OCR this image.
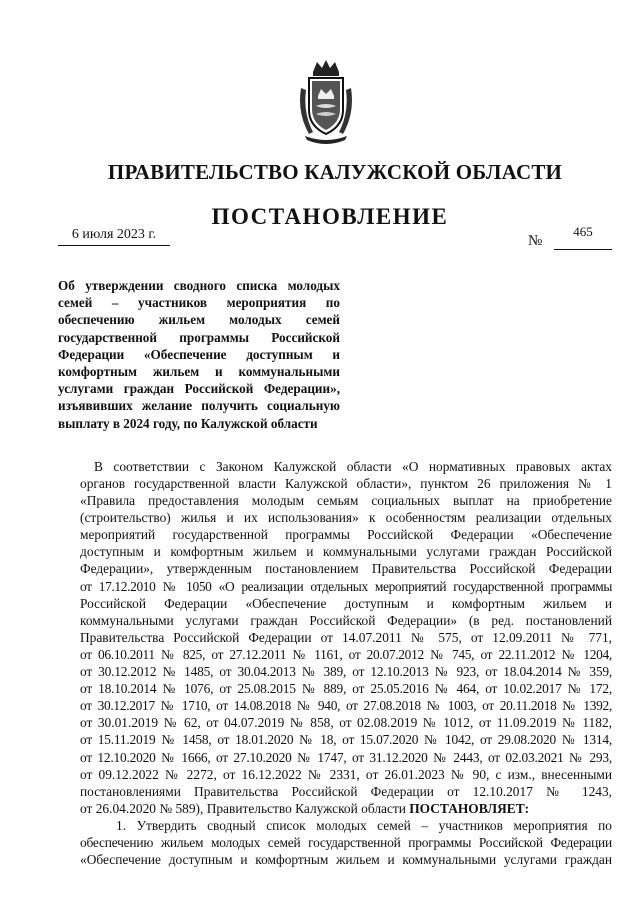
ПРАВИТЕЛЬСТВО КАЛУЖСКОЙ ОБЛАСТИ
ПОСТАНОВЛЕНИЕ
6 июля 2023 г.	№
465
Об утверждении сводного списка молодых
семей – участников мероприятия по
обеспечению жильем молодых семей
государственной программы Российской
Федерации «Обеспечение доступным и
комфортным жильем и коммунальными
услугами граждан Российской Федерации»,
изъявивших желание получить социальную
выплату в 2024 году, по Калужской области
В соответствии с Законом Калужской области «О нормативных правовых актах
органов государственной власти Калужской области», пунктом 26 приложения № 1
«Правила предоставления молодым семьям социальных выплат на приобретение
(строительство) жилья и их использования» к особенностям реализации отдельных
мероприятий государственной программы Российской Федерации «Обеспечение
доступным и комфортным жильем и коммунальными услугами граждан Российской
Федерации», утвержденным постановлением Правительства Российской Федерации
от 17.12.2010 № 1050 «О реализации отдельных мероприятий государственной программы
Российской Федерации «Обеспечение доступным и комфортным жильем и
коммунальными услугами граждан Российской Федерации» (в ред. постановлений
Правительства Российской Федерации от 14.07.2011 № 575, от 12.09.2011 № 771,
от 06.10.2011 № 825, от 27.12.2011 № 1161, от 20.07.2012 № 745, от 22.11.2012 № 1204,
от 30.12.2012 № 1485, от 30.04.2013 № 389, от 12.10.2013 № 923, от 18.04.2014 № 359,
от 18.10.2014 № 1076, от 25.08.2015 № 889, от 25.05.2016 № 464, от 10.02.2017 № 172,
от 30.12.2017 № 1710, от 14.08.2018 № 940, от 27.08.2018 № 1003, от 20.11.2018 № 1392,
от 30.01.2019 № 62, от 04.07.2019 № 858, от 02.08.2019 № 1012, от 11.09.2019 № 1182,
от 15.11.2019 № 1458, от 18.01.2020 № 18, от 15.07.2020 № 1042, от 29.08.2020 № 1314,
от 12.10.2020 № 1666, от 27.10.2020 № 1747, от 31.12.2020 № 2443, от 02.03.2021 № 293,
от 09.12.2022 № 2272, от 16.12.2022 № 2331, от 26.01.2023 № 90, с изм., внесенными
постановлениями Правительства Российской Федерации от 12.10.2017 № 1243,
от 26.04.2020 № 589), Правительство Калужской области ПОСТАНОВЛЯЕТ:
1. Утвердить сводный список молодых семей – участников мероприятия по
обеспечению жильем молодых семей государственной программы Российской Федерации
«Обеспечение доступным и комфортным жильем и коммунальными услугами граждан
